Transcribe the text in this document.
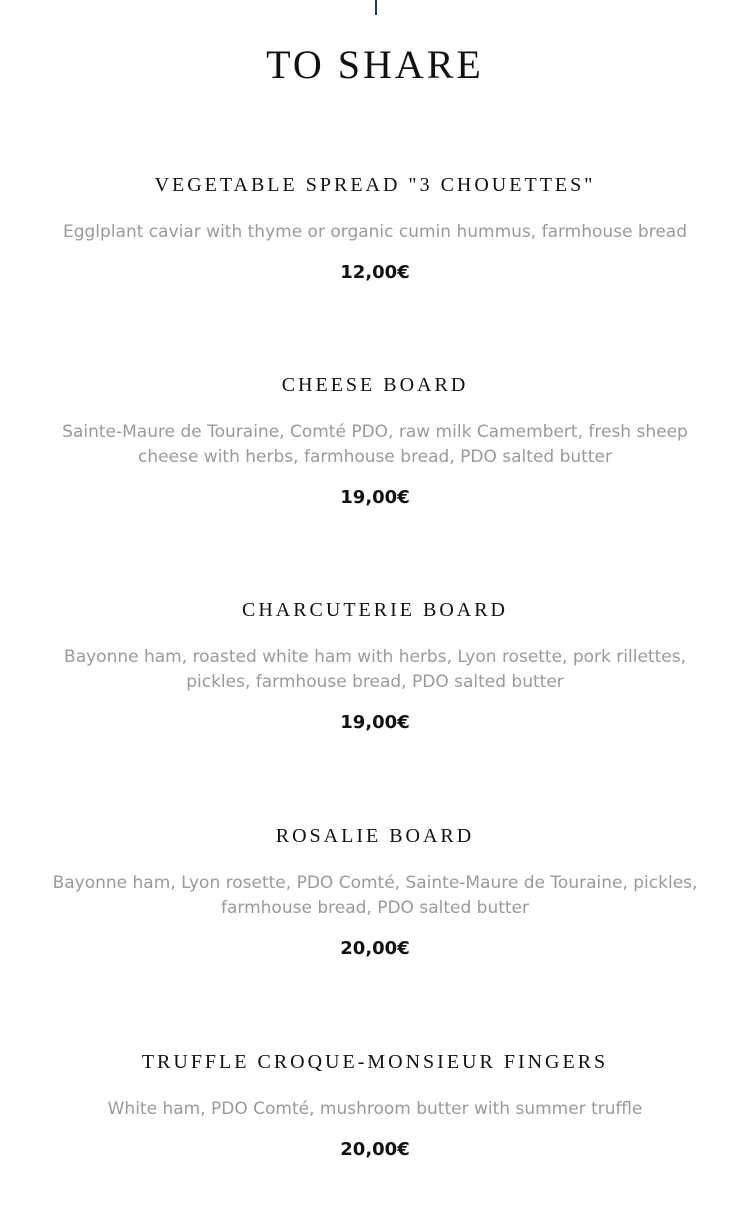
TO SHARE
VEGETABLE SPREAD "3 CHOUETTES"

Egglplant caviar with thyme or organic cumin hummus, farmhouse bread

12,00€

CHEESE BOARD

Sainte-Maure de Touraine, Comté PDO, raw milk Camembert, fresh sheep cheese with herbs, farmhouse bread, PDO salted butter

19,00€

CHARCUTERIE BOARD

Bayonne ham, roasted white ham with herbs, Lyon rosette, pork rillettes, pickles, farmhouse bread, PDO salted butter

19,00€

ROSALIE BOARD

Bayonne ham, Lyon rosette, PDO Comté, Sainte-Maure de Touraine, pickles, farmhouse bread, PDO salted butter

20,00€

TRUFFLE CROQUE-MONSIEUR FINGERS

White ham, PDO Comté, mushroom butter with summer truffle

20,00€
